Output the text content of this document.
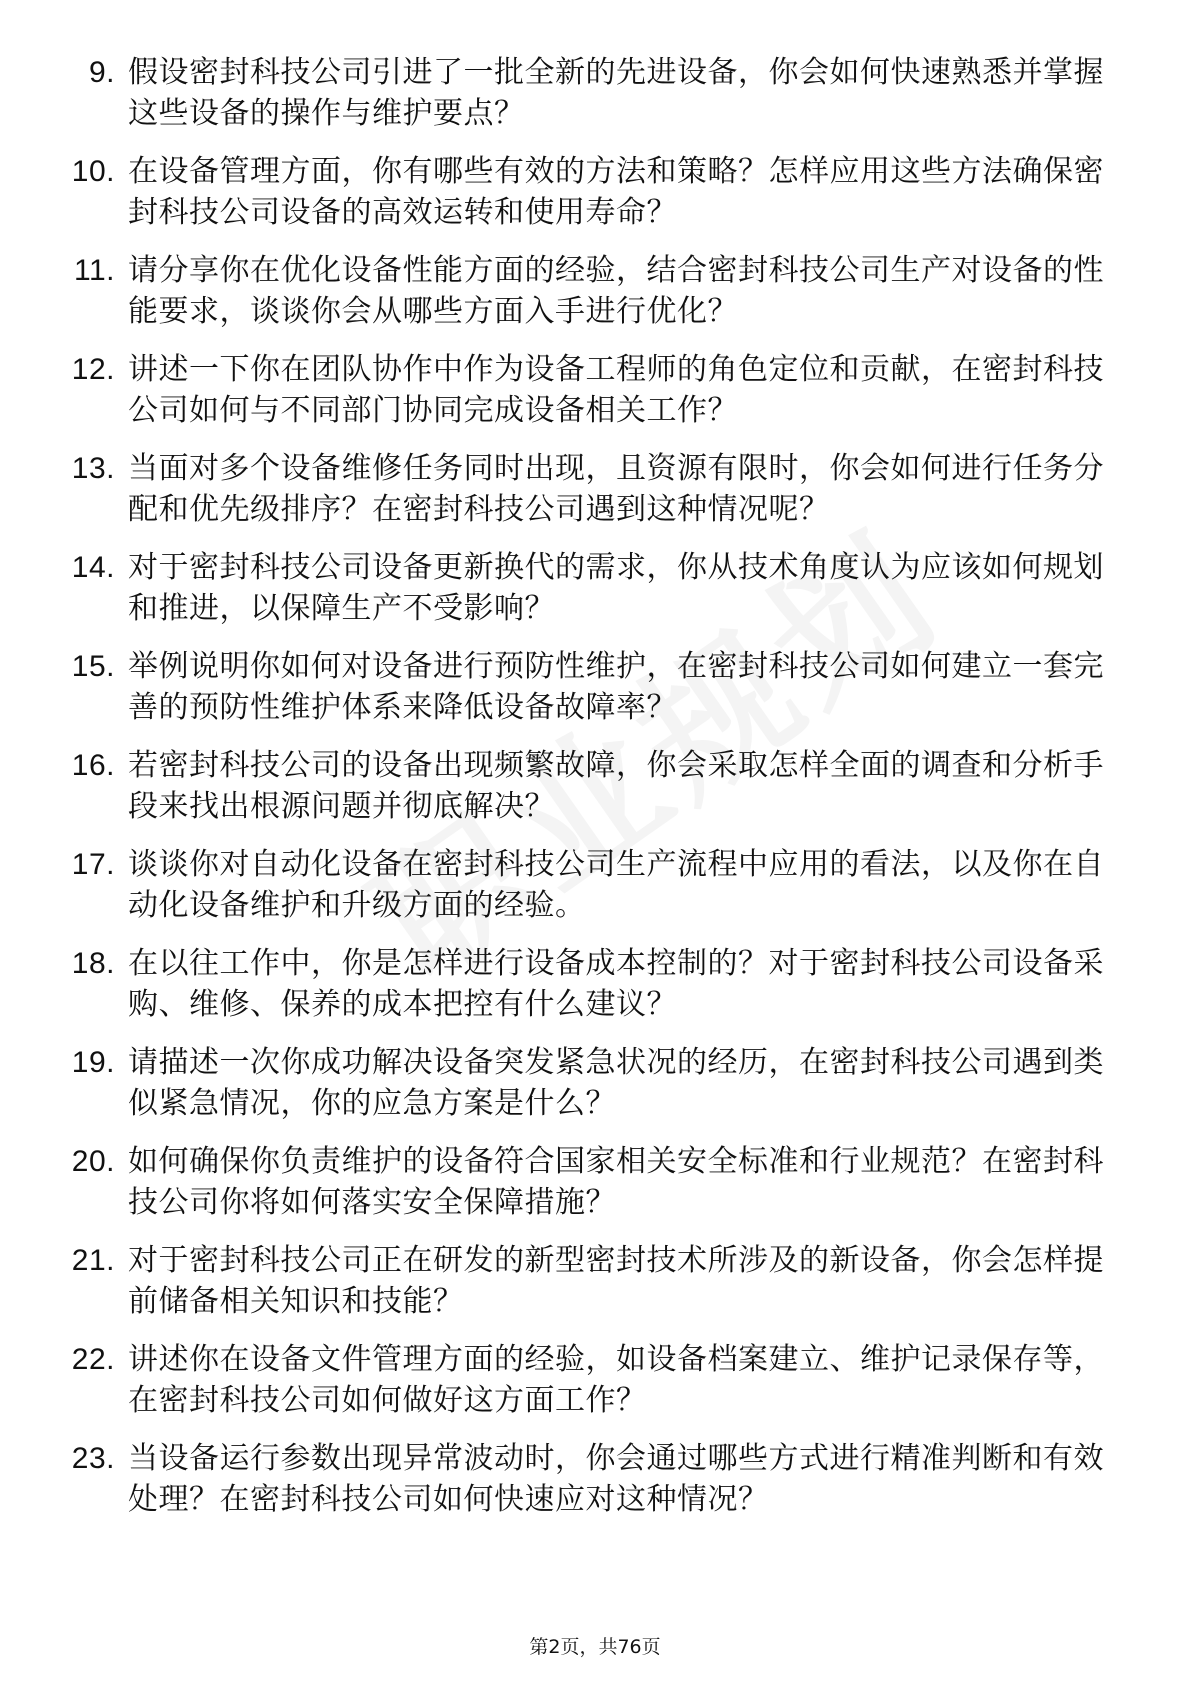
9. 假设密封科技公司引进了一批全新的先进设备，你会如何快速熟悉并掌握这些设备的操作与维护要点？
10. 在设备管理方面，你有哪些有效的方法和策略？怎样应用这些方法确保密封科技公司设备的高效运转和使用寿命？
11. 请分享你在优化设备性能方面的经验，结合密封科技公司生产对设备的性能要求，谈谈你会从哪些方面入手进行优化？
12. 讲述一下你在团队协作中作为设备工程师的角色定位和贡献，在密封科技公司如何与不同部门协同完成设备相关工作？
13. 当面对多个设备维修任务同时出现，且资源有限时，你会如何进行任务分配和优先级排序？在密封科技公司遇到这种情况呢？
14. 对于密封科技公司设备更新换代的需求，你从技术角度认为应该如何规划和推进，以保障生产不受影响？
15. 举例说明你如何对设备进行预防性维护，在密封科技公司如何建立一套完善的预防性维护体系来降低设备故障率？
16. 若密封科技公司的设备出现频繁故障，你会采取怎样全面的调查和分析手段来找出根源问题并彻底解决？
17. 谈谈你对自动化设备在密封科技公司生产流程中应用的看法，以及你在自动化设备维护和升级方面的经验。
18. 在以往工作中，你是怎样进行设备成本控制的？对于密封科技公司设备采购、维修、保养的成本把控有什么建议？
19. 请描述一次你成功解决设备突发紧急状况的经历，在密封科技公司遇到类似紧急情况，你的应急方案是什么？
20. 如何确保你负责维护的设备符合国家相关安全标准和行业规范？在密封科技公司你将如何落实安全保障措施？
21. 对于密封科技公司正在研发的新型密封技术所涉及的新设备，你会怎样提前储备相关知识和技能？
22. 讲述你在设备文件管理方面的经验，如设备档案建立、维护记录保存等，在密封科技公司如何做好这方面工作？
23. 当设备运行参数出现异常波动时，你会通过哪些方式进行精准判断和有效处理？在密封科技公司如何快速应对这种情况？
第2页，共76页
